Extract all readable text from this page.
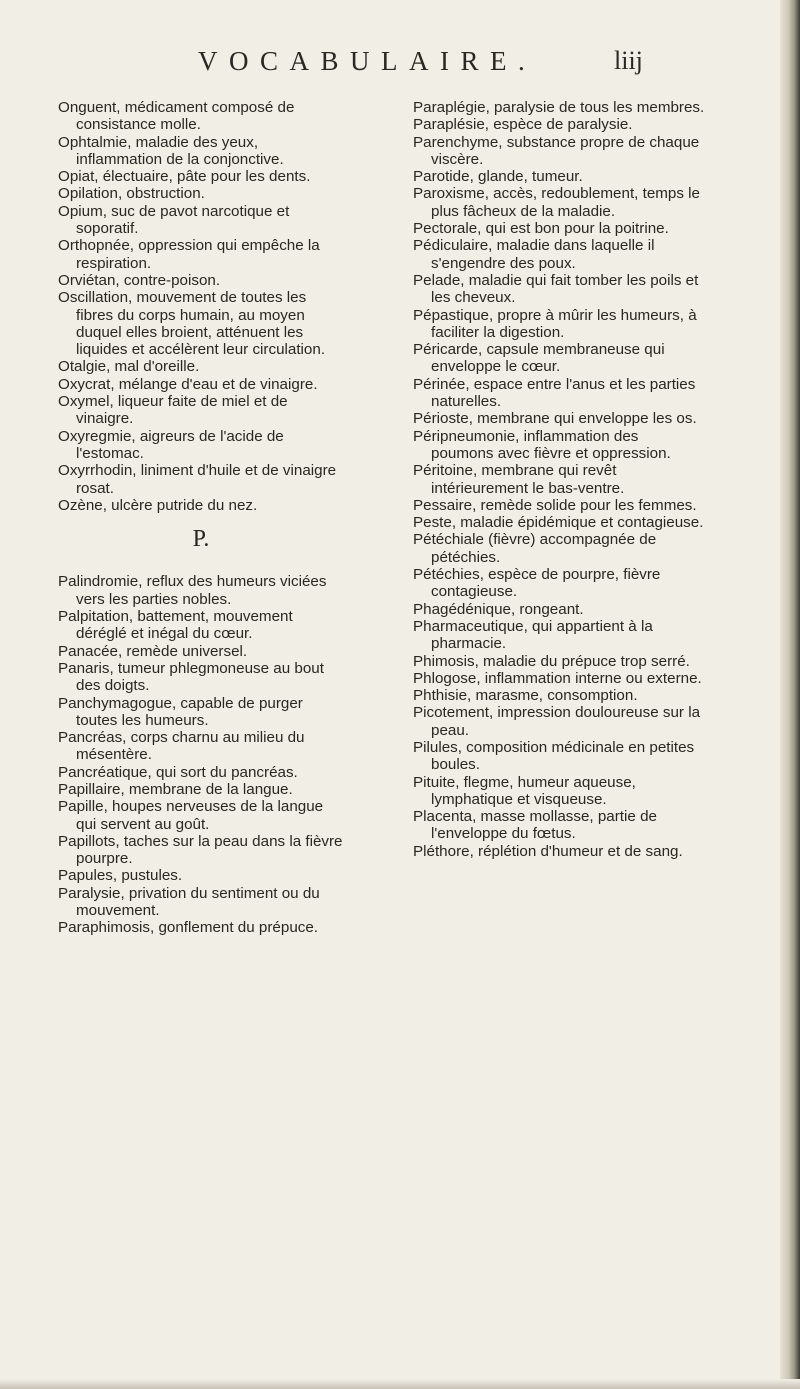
VOCABULAIRE.	liij

Onguent, médicament composé de consistance molle.

Ophtalmie, maladie des yeux, inflammation de la conjonctive.

Opiat, électuaire, pâte pour les dents.

Opilation, obstruction.

Opium, suc de pavot narcotique et soporatif.

Orthopnée, oppression qui empêche la respiration.

Orviétan, contre-poison.

Oscillation, mouvement de toutes les fibres du corps humain, au moyen duquel elles broient, atténuent les liquides et accélèrent leur circulation.

Otalgie, mal d'oreille.

Oxycrat, mélange d'eau et de vinaigre.

Oxymel, liqueur faite de miel et de vinaigre.

Oxyregmie, aigreurs de l'acide de l'estomac.

Oxyrrhodin, liniment d'huile et de vinaigre rosat.

Ozène, ulcère putride du nez.

P.

Palindromie, reflux des humeurs viciées vers les parties nobles.

Palpitation, battement, mouvement déréglé et inégal du cœur.

Panacée, remède universel.

Panaris, tumeur phlegmoneuse au bout des doigts.

Panchymagogue, capable de purger toutes les humeurs.

Pancréas, corps charnu au milieu du mésentère.

Pancréatique, qui sort du pancréas.

Papillaire, membrane de la langue.

Papille, houpes nerveuses de la langue qui servent au goût.

Papillots, taches sur la peau dans la fièvre pourpre.

Papules, pustules.

Paralysie, privation du sentiment ou du mouvement.

Paraphimosis, gonflement du prépuce.

Paraplégie, paralysie de tous les membres.

Paraplésie, espèce de paralysie.

Parenchyme, substance propre de chaque viscère.

Parotide, glande, tumeur.

Paroxisme, accès, redoublement, temps le plus fâcheux de la maladie.

Pectorale, qui est bon pour la poitrine.

Pédiculaire, maladie dans laquelle il s'engendre des poux.

Pelade, maladie qui fait tomber les poils et les cheveux.

Pépastique, propre à mûrir les humeurs, à faciliter la digestion.

Péricarde, capsule membraneuse qui enveloppe le cœur.

Périnée, espace entre l'anus et les parties naturelles.

Périoste, membrane qui enveloppe les os.

Péripneumonie, inflammation des poumons avec fièvre et oppression.

Péritoine, membrane qui revêt intérieurement le bas-ventre.

Pessaire, remède solide pour les femmes.

Peste, maladie épidémique et contagieuse.

Pétéchiale (fièvre) accompagnée de pétéchies.

Pétéchies, espèce de pourpre, fièvre contagieuse.

Phagédénique, rongeant.

Pharmaceutique, qui appartient à la pharmacie.

Phimosis, maladie du prépuce trop serré.

Phlogose, inflammation interne ou externe.

Phthisie, marasme, consomption.

Picotement, impression douloureuse sur la peau.

Pilules, composition médicinale en petites boules.

Pituite, flegme, humeur aqueuse, lymphatique et visqueuse.

Placenta, masse mollasse, partie de l'enveloppe du fœtus.

Pléthore, réplétion d'humeur et de sang.
